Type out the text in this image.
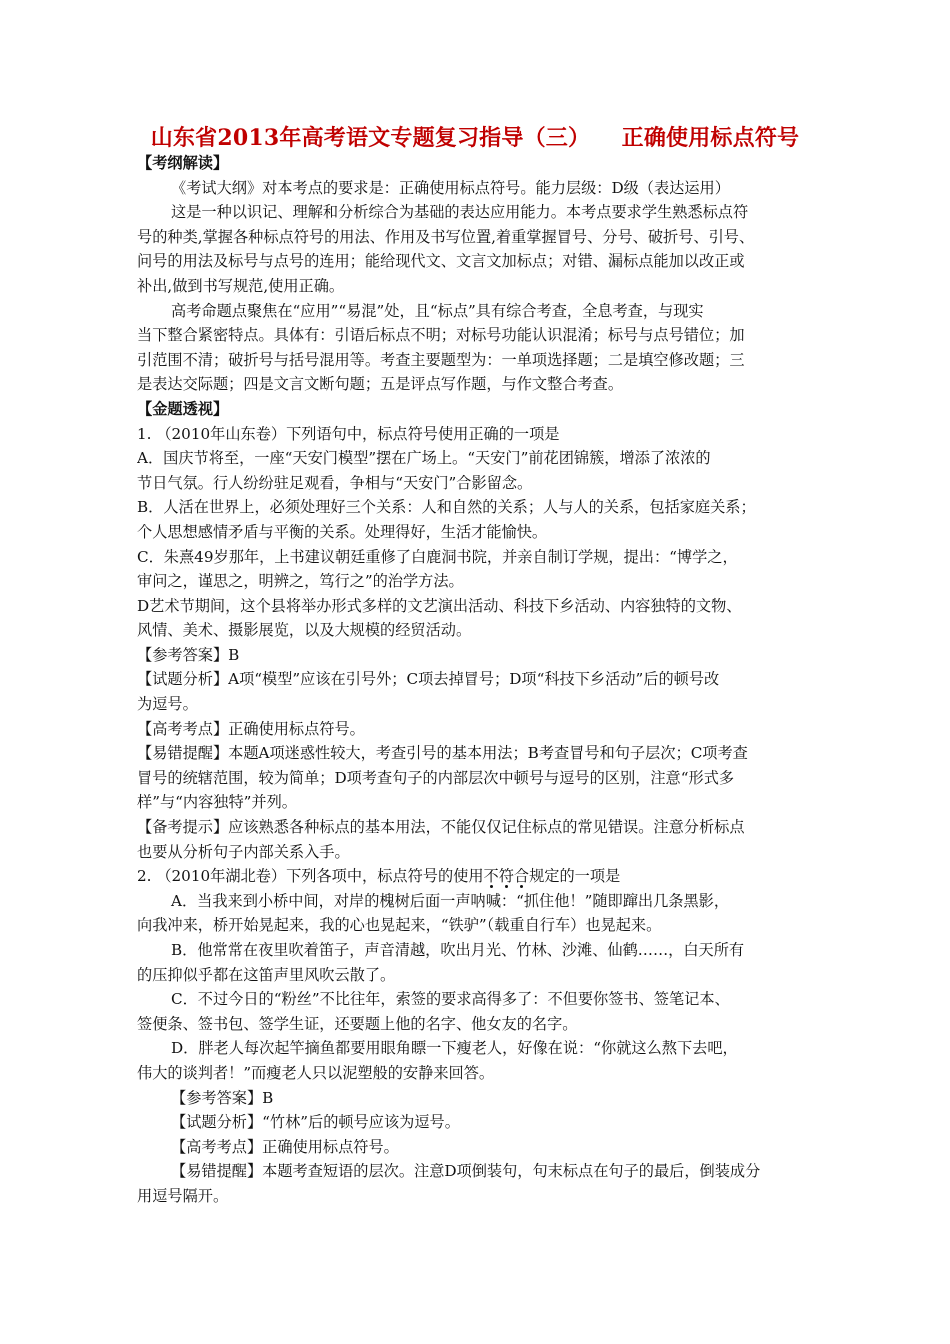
山东省2013年高考语文专题复习指导（三）    正确使用标点符号
【考纲解读】
《考试大纲》对本考点的要求是：正确使用标点符号。能力层级：D级（表达运用）
这是一种以识记、理解和分析综合为基础的表达应用能力。本考点要求学生熟悉标点符
号的种类,掌握各种标点符号的用法、作用及书写位置,着重掌握冒号、分号、破折号、引号、
问号的用法及标号与点号的连用；能给现代文、文言文加标点；对错、漏标点能加以改正或
补出,做到书写规范,使用正确。
高考命题点聚焦在“应用”“易混”处，且“标点”具有综合考查，全息考查，与现实
当下整合紧密特点。具体有：引语后标点不明；对标号功能认识混淆；标号与点号错位；加
引范围不清；破折号与括号混用等。考查主要题型为：一单项选择题；二是填空修改题；三
是表达交际题；四是文言文断句题；五是评点写作题，与作文整合考查。
【金题透视】
1. （2010年山东卷）下列语句中，标点符号使用正确的一项是
A．国庆节将至，一座“天安门模型”摆在广场上。“天安门”前花团锦簇，增添了浓浓的
节日气氛。行人纷纷驻足观看，争相与“天安门”合影留念。
B．人活在世界上，必须处理好三个关系：人和自然的关系；人与人的关系，包括家庭关系；
个人思想感情矛盾与平衡的关系。处理得好，生活才能愉快。
C．朱熹49岁那年，上书建议朝廷重修了白鹿洞书院，并亲自制订学规，提出：“博学之，
审问之，谨思之，明辨之，笃行之”的治学方法。
D艺术节期间，这个县将举办形式多样的文艺演出活动、科技下乡活动、内容独特的文物、
风情、美术、摄影展览，以及大规模的经贸活动。
【参考答案】B
【试题分析】A项“模型”应该在引号外；C项去掉冒号；D项“科技下乡活动”后的顿号改
为逗号。
【高考考点】正确使用标点符号。
【易错提醒】本题A项迷惑性较大，考查引号的基本用法；B考查冒号和句子层次；C项考查
冒号的统辖范围，较为简单；D项考查句子的内部层次中顿号与逗号的区别，注意“形式多
样”与“内容独特”并列。
【备考提示】应该熟悉各种标点的基本用法，不能仅仅记住标点的常见错误。注意分析标点
也要从分析句子内部关系入手。
2. （2010年湖北卷）下列各项中，标点符号的使用不符合规定的一项是
A．当我来到小桥中间，对岸的槐树后面一声呐喊：“抓住他！”随即蹿出几条黑影，
向我冲来，桥开始晃起来，我的心也晃起来，“铁驴”（载重自行车）也晃起来。
B．他常常在夜里吹着笛子，声音清越，吹出月光、竹林、沙滩、仙鹤……，白天所有
的压抑似乎都在这笛声里风吹云散了。
C．不过今日的“粉丝”不比往年，索签的要求高得多了：不但要你签书、签笔记本、
签便条、签书包、签学生证，还要题上他的名字、他女友的名字。
D．胖老人每次起竿摘鱼都要用眼角瞟一下瘦老人，好像在说：“你就这么熬下去吧，
伟大的谈判者！”而瘦老人只以泥塑般的安静来回答。
【参考答案】B
【试题分析】“竹林”后的顿号应该为逗号。
【高考考点】正确使用标点符号。
【易错提醒】本题考查短语的层次。注意D项倒装句，句末标点在句子的最后，倒装成分
用逗号隔开。
